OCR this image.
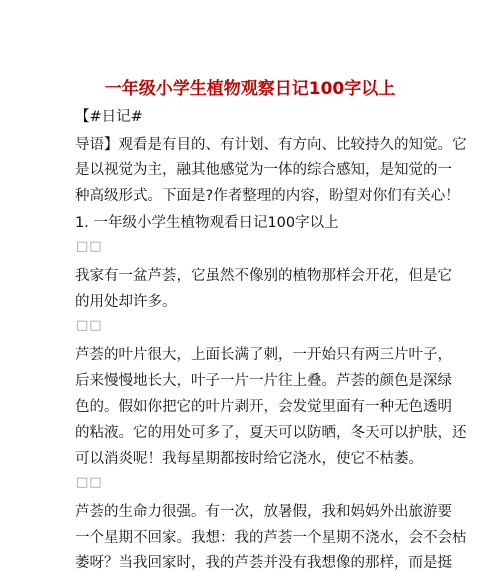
一年级小学生植物观察日记100字以上
【#日记#
导语】观看是有目的、有计划、有方向、比较持久的知觉。它
是以视觉为主，融其他感觉为一体的综合感知，是知觉的一
种高级形式。下面是?作者整理的内容，盼望对你们有关心！
1. 一年级小学生植物观看日记100字以上
□□
我家有一盆芦荟，它虽然不像别的植物那样会开花，但是它
的用处却许多。
□□
芦荟的叶片很大，上面长满了刺，一开始只有两三片叶子，
后来慢慢地长大，叶子一片一片往上叠。芦荟的颜色是深绿
色的。假如你把它的叶片剥开，会发觉里面有一种无色透明
的粘液。它的用处可多了，夏天可以防晒，冬天可以护肤，还
可以消炎呢！我每星期都按时给它浇水，使它不枯萎。
□□
芦荟的生命力很强。有一次，放暑假，我和妈妈外出旅游要
一个星期不回家。我想：我的芦荟一个星期不浇水，会不会枯
萎呀？当我回家时，我的芦荟并没有我想像的那样，而是挺
